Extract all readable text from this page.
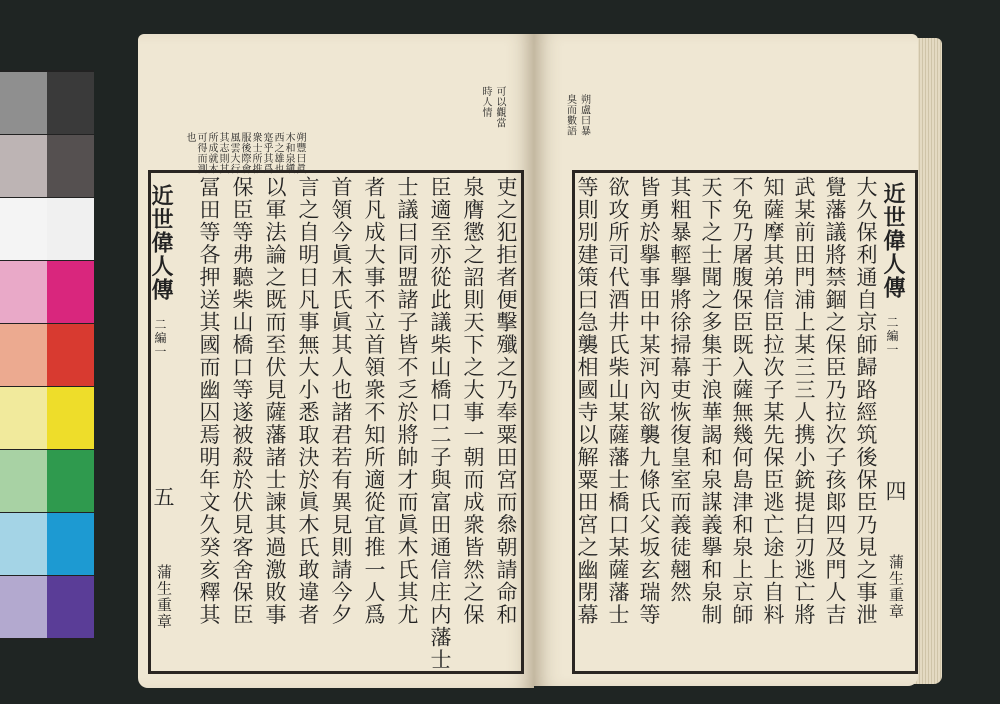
朔豐曰眞
木和泉鎭
西之雄也
寔乎其爲
衆士所推
服後際會
風雲大行
其志則其
所成就木
可得而測
也
可以觀當
時人情
吏之犯拒者便擊殲之乃奉粟田宮而叅朝請命和
泉膺懲之詔則天下之大事一朝而成衆皆然之保
臣適至亦從此議柴山橋口二子與富田通信庄内藩士
士議曰同盟諸子皆不乏於將帥才而眞木氏其尤
者凡成大事不立首領衆不知所適從宜推一人爲
首領今眞木氏眞其人也諸君若有異見則請今夕
言之自明日凡事無大小悉取決於眞木氏敢違者
以軍法論之既而至伏見薩藩諸士諫其過激敗事
保臣等弗聽柴山橋口等遂被殺於伏見客舍保臣
冨田等各押送其國而幽囚焉明年文久癸亥釋其
近世偉人傳
二編一
五
蒲生重章
朔盧曰暴
臭而數語
大久保利通自京師歸路經筑後保臣乃見之事泄
覺藩議將禁錮之保臣乃拉次子孩郞四及門人吉
武某前田門浦上某三三人携小銃提白刃逃亡將
知薩摩其弟信臣拉次子某先保臣逃亡途上自料
不免乃屠腹保臣既入薩無幾何島津和泉上京師
天下之士聞之多集于浪華謁和泉謀義擧和泉制
其粗暴輕擧將徐掃幕吏恢復皇室而義徒翹然
皆勇於擧事田中某河內欲襲九條氏父坂玄瑞等
欲攻所司代酒井氏柴山某薩藩士橋口某薩藩士
等則別建策曰急襲相國寺以解粟田宮之幽閉幕	近世偉人傳
二編一
四
蒲生重章
